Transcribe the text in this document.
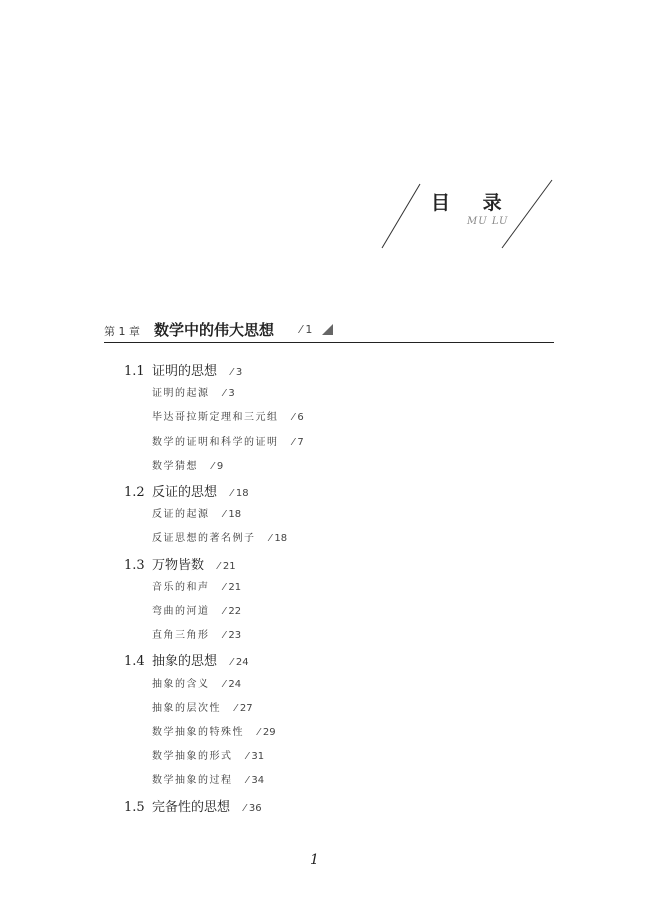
目 录
MU LU
第 1 章 数学中的伟大思想 ⁄ 1
1.1 证明的思想 ⁄ 3
证明的起源 ⁄ 3
毕达哥拉斯定理和三元组 ⁄ 6
数学的证明和科学的证明 ⁄ 7
数学猜想 ⁄ 9
1.2 反证的思想 ⁄ 18
反证的起源 ⁄ 18
反证思想的著名例子 ⁄ 18
1.3 万物皆数 ⁄ 21
音乐的和声 ⁄ 21
弯曲的河道 ⁄ 22
直角三角形 ⁄ 23
1.4 抽象的思想 ⁄ 24
抽象的含义 ⁄ 24
抽象的层次性 ⁄ 27
数学抽象的特殊性 ⁄ 29
数学抽象的形式 ⁄ 31
数学抽象的过程 ⁄ 34
1.5 完备性的思想 ⁄ 36
1
